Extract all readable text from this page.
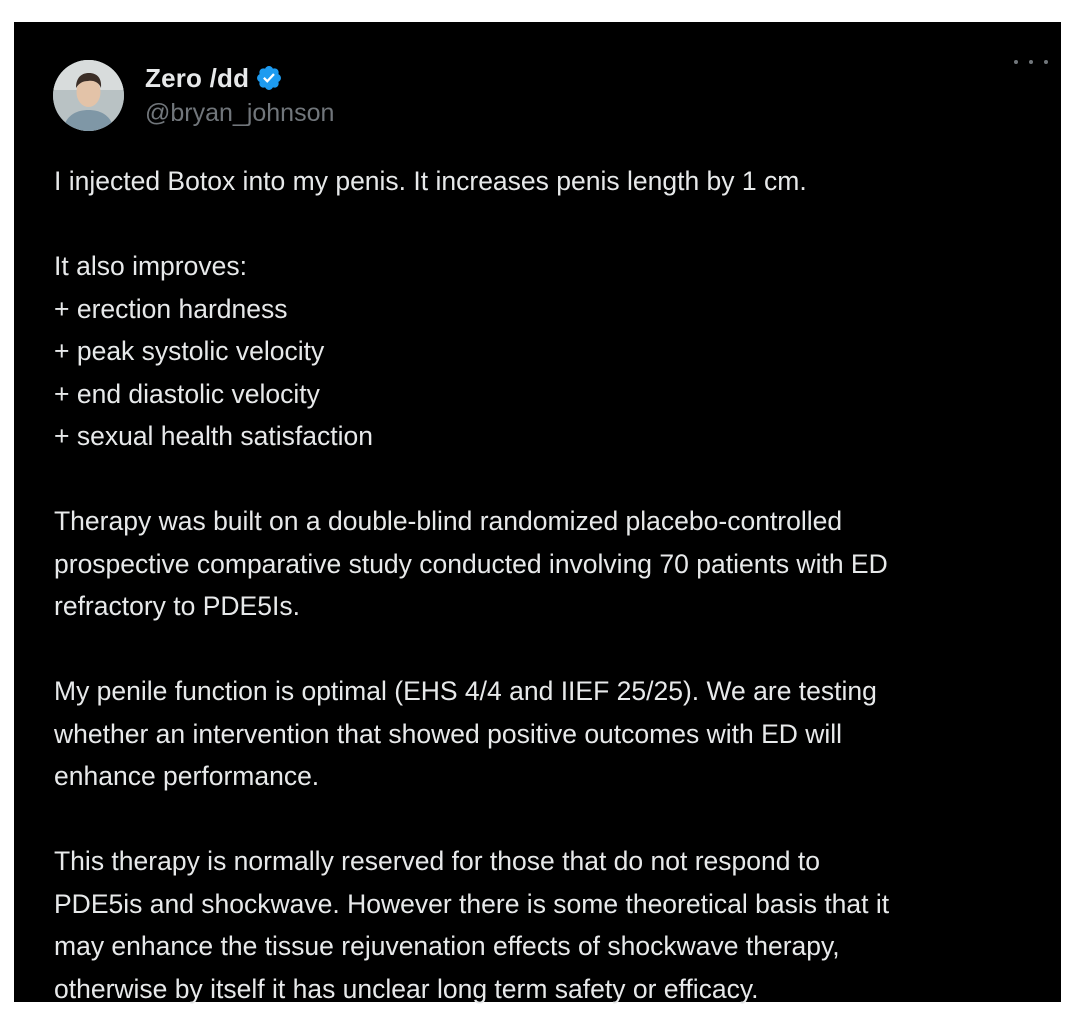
Zero /dd
@bryan_johnson

I injected Botox into my penis. It increases penis length by 1 cm.

It also improves:
+ erection hardness
+ peak systolic velocity
+ end diastolic velocity
+ sexual health satisfaction

Therapy was built on a double-blind randomized placebo-controlled
prospective comparative study conducted involving 70 patients with ED
refractory to PDE5Is.

My penile function is optimal (EHS 4/4 and IIEF 25/25). We are testing
whether an intervention that showed positive outcomes with ED will
enhance performance.

This therapy is normally reserved for those that do not respond to
PDE5is and shockwave. However there is some theoretical basis that it
may enhance the tissue rejuvenation effects of shockwave therapy,
otherwise by itself it has unclear long term safety or efficacy.
